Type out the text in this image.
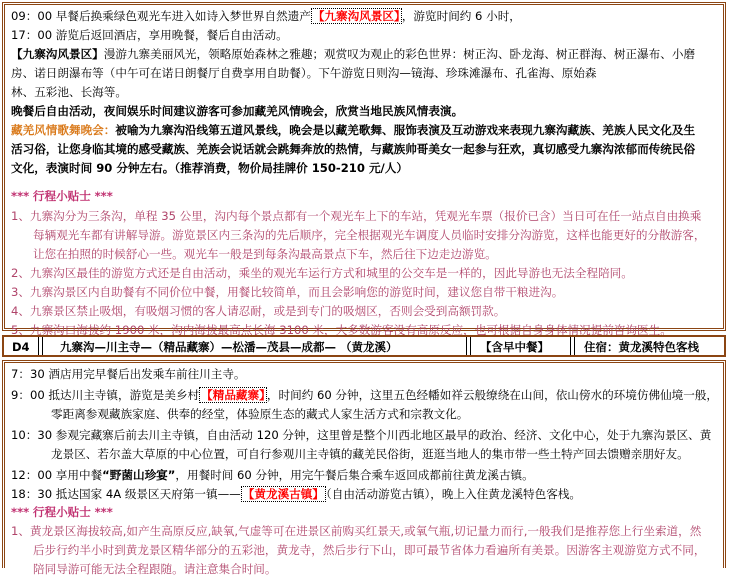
09：00 早餐后换乘绿色观光车进入如诗入梦世界自然遗产 【九寨沟风景区】 ，游览时间约 6 小时，
17：00 游览后返回酒店，享用晚餐，餐后自由活动。
【九寨沟风景区】漫游九寨美丽风光，领略原始森林之雅趣；观赏叹为观止的彩色世界：树正沟、卧龙海、树正群海、树正瀑布、小磨
房、诺日朗瀑布等（中午可在诺日朗餐厅自费享用自助餐）。下午游览日则沟—镜海、珍珠滩瀑布、孔雀海、原始森
林、五彩池、长海等。
晚餐后自由活动，夜间娱乐时间建议游客可参加藏羌风情晚会，欣赏当地民族风情表演。
藏羌风情歌舞晚会：被喻为九寨沟沿线第五道风景线，晚会是以藏羌歌舞、服饰表演及互动游戏来表现九寨沟藏族、羌族人民文化及生
活习俗，让您身临其境的感受藏族、羌族会说话就会跳舞奔放的热情，与藏族帅哥美女一起参与狂欢，真切感受九寨沟浓郁而传统民俗
文化，表演时间 90 分钟左右。（推荐消费，物价局挂牌价 150-210 元/人）
*** 行程小贴士 ***
1、九寨沟分为三条沟，单程 35 公里，沟内每个景点都有一个观光车上下的车站，凭观光车票（报价已含）当日可在任一站点自由换乘
每辆观光车都有讲解导游。游览景区内三条沟的先后顺序，完全根据观光车调度人员临时安排分沟游览，这样也能更好的分散游客，
让您在拍照的时候舒心一些。观光车一般是到每条沟最高景点下车，然后往下边走边游览。
2、九寨沟区最佳的游览方式还是自由活动，乘坐的观光车运行方式和城里的公交车是一样的，因此导游也无法全程陪同。
3、九寨沟景区内自助餐有不同价位中餐，用餐比较简单，而且会影响您的游览时间，建议您自带干粮进沟。
4、九寨景区禁止吸烟，有吸烟习惯的客人请忍耐，或是到专门的吸烟区，否则会受到高额罚款。
5、九寨沟口海拔约 1900 米，沟内海拔最高点长海 3100 米，大多数游客没有高原反应，也可根据自身身体情况提前咨询医生。
D4	九寨沟—川主寺—（精品藏寨）—松潘—茂县—成都— （黄龙溪）	【含早中餐】	住宿：黄龙溪特色客栈
7：30 酒店用完早餐后出发乘车前往川主寺。
9：00 抵达川主寺镇，游览是美乡村 【精品藏寨】 ，时间约 60 分钟，这里五色经幡如祥云般缭绕在山间，依山傍水的环境仿佛仙境一般，
零距离参观藏族家庭、供奉的经堂，体验原生态的藏式人家生活方式和宗教文化。
10：30 参观完藏寨后前去川主寺镇，自由活动 120 分钟，这里曾是整个川西北地区最早的政治、经济、文化中心，处于九寨沟景区、黄
龙景区、若尔盖大草原的中心位置，可自行参观川主寺镇的藏羌民俗街，逛逛当地人的集市带一些土特产回去馈赠亲朋好友。
12：00 享用中餐“野菌山珍宴”，用餐时间 60 分钟，用完午餐后集合乘车返回成都前往黄龙溪古镇。
18：30 抵达国家 4A 级景区天府第一镇—— 【黄龙溪古镇】 （自由活动游览古镇），晚上入住黄龙溪特色客栈。
*** 行程小贴士 ***
1、黄龙景区海拔较高,如产生高原反应,缺氧,气虚等可在进景区前购买红景天,或氧气瓶,切记量力而行,一般我们是推荐您上行坐索道，然
后步行约半小时到黄龙景区精华部分的五彩池，黄龙寺，然后步行下山，即可最节省体力看遍所有美景。因游客主观游览方式不同，
陪同导游可能无法全程跟随。请注意集合时间。
